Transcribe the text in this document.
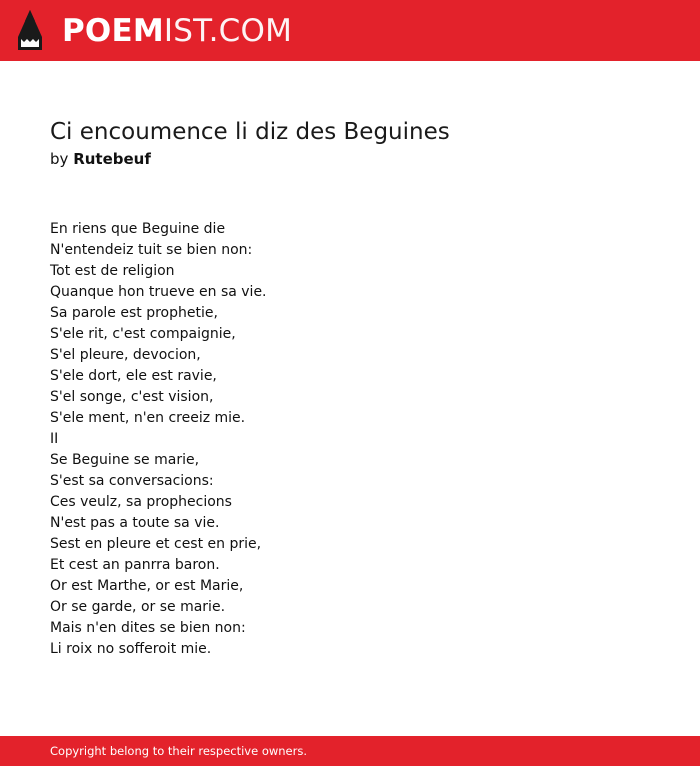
POEMIST.COM
Ci encoumence li diz des Beguines
by Rutebeuf
En riens que Beguine die
N'entendeiz tuit se bien non:
Tot est de religion
Quanque hon trueve en sa vie.
Sa parole est prophetie,
S'ele rit, c'est compaignie,
S'el pleure, devocion,
S'ele dort, ele est ravie,
S'el songe, c'est vision,
S'ele ment, n'en creeiz mie.
II
Se Beguine se marie,
S'est sa conversacions:
Ces veulz, sa prophecions
N'est pas a toute sa vie.
Sest en pleure et cest en prie,
Et cest an panrra baron.
Or est Marthe, or est Marie,
Or se garde, or se marie.
Mais n'en dites se bien non:
Li roix no sofferoit mie.
Copyright belong to their respective owners.
